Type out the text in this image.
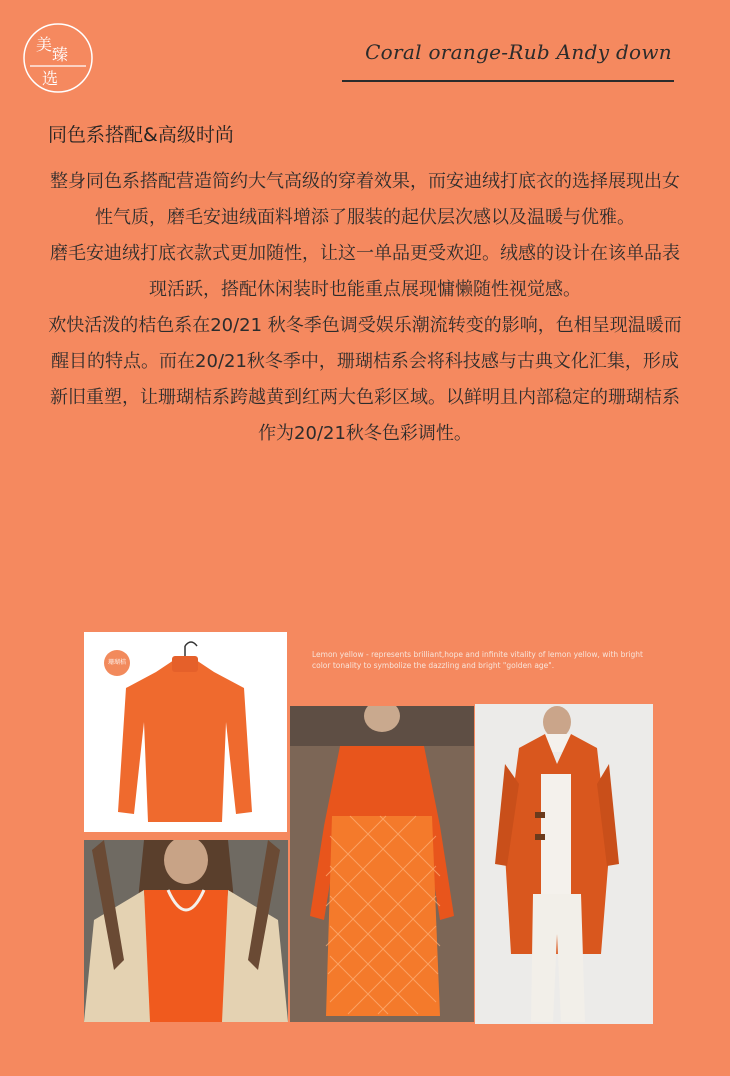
美
臻
选
Coral orange-Rub Andy down
同色系搭配&高级时尚

整身同色系搭配营造简约大气高级的穿着效果，而安迪绒打底衣的选择展现出女性气质，磨毛安迪绒面料增添了服装的起伏层次感以及温暖与优雅。

磨毛安迪绒打底衣款式更加随性，让这一单品更受欢迎。绒感的设计在该单品表现活跃，搭配休闲装时也能重点展现慵懒随性视觉感。

欢快活泼的桔色系在20/21 秋冬季色调受娱乐潮流转变的影响，色相呈现温暖而醒目的特点。而在20/21秋冬季中，珊瑚桔系会将科技感与古典文化汇集，形成新旧重塑，让珊瑚桔系跨越黄到红两大色彩区域。以鲜明且内部稳定的珊瑚桔系作为20/21秋冬色彩调性。

Lemon yellow - represents brilliant,hope and infinite vitality of lemon yellow, with bright color tonality to symbolize the dazzling and bright "golden age".
珊瑚桔
